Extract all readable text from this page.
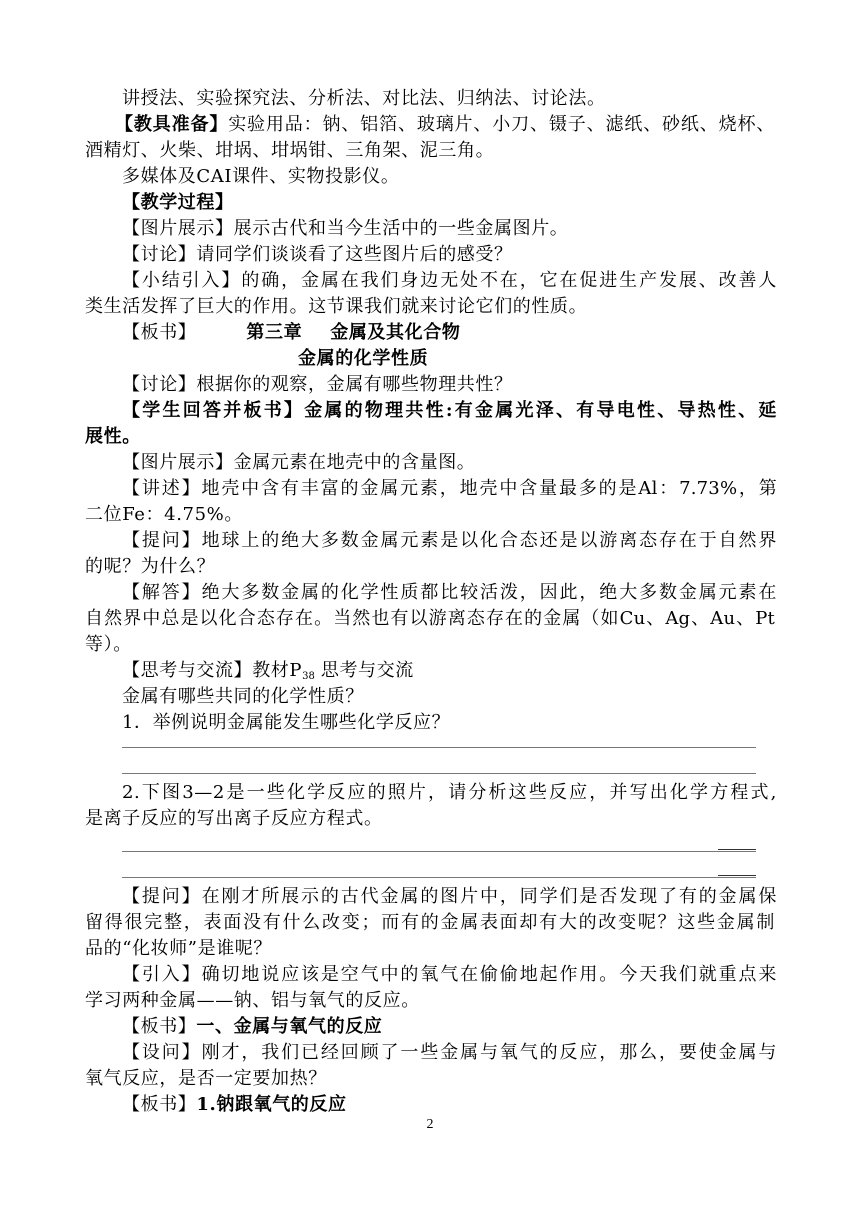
讲授法、实验探究法、分析法、对比法、归纳法、讨论法。
【教具准备】实验用品：钠、铝箔、玻璃片、小刀、镊子、滤纸、砂纸、烧杯、
酒精灯、火柴、坩埚、坩埚钳、三角架、泥三角。
多媒体及CAI课件、实物投影仪。
【教学过程】
【图片展示】展示古代和当今生活中的一些金属图片。
【讨论】请同学们谈谈看了这些图片后的感受？
【小结引入】的确，金属在我们身边无处不在，它在促进生产发展、改善人
类生活发挥了巨大的作用。这节课我们就来讨论它们的性质。
【板书】	第三章 金属及其化合物
金属的化学性质
【讨论】根据你的观察，金属有哪些物理共性？
【学生回答并板书】金属的物理共性:有金属光泽、有导电性、导热性、延
展性。
【图片展示】金属元素在地壳中的含量图。
【讲述】地壳中含有丰富的金属元素，地壳中含量最多的是Al：7.73%，第
二位Fe：4.75%。
【提问】地球上的绝大多数金属元素是以化合态还是以游离态存在于自然界
的呢？为什么？
【解答】绝大多数金属的化学性质都比较活泼，因此，绝大多数金属元素在
自然界中总是以化合态存在。当然也有以游离态存在的金属（如Cu、Ag、Au、Pt
等）。
【思考与交流】教材$P_{38}$ 思考与交流
金属有哪些共同的化学性质？
1．举例说明金属能发生哪些化学反应？
2.下图3—2是一些化学反应的照片，请分析这些反应，并写出化学方程式,
是离子反应的写出离子反应方程式。
【提问】在刚才所展示的古代金属的图片中，同学们是否发现了有的金属保
留得很完整，表面没有什么改变；而有的金属表面却有大的改变呢？这些金属制
品的“化妆师”是谁呢？
【引入】确切地说应该是空气中的氧气在偷偷地起作用。今天我们就重点来
学习两种金属——钠、铝与氧气的反应。
【板书】一、金属与氧气的反应
【设问】刚才，我们已经回顾了一些金属与氧气的反应，那么，要使金属与
氧气反应，是否一定要加热？
【板书】1.钠跟氧气的反应
2
